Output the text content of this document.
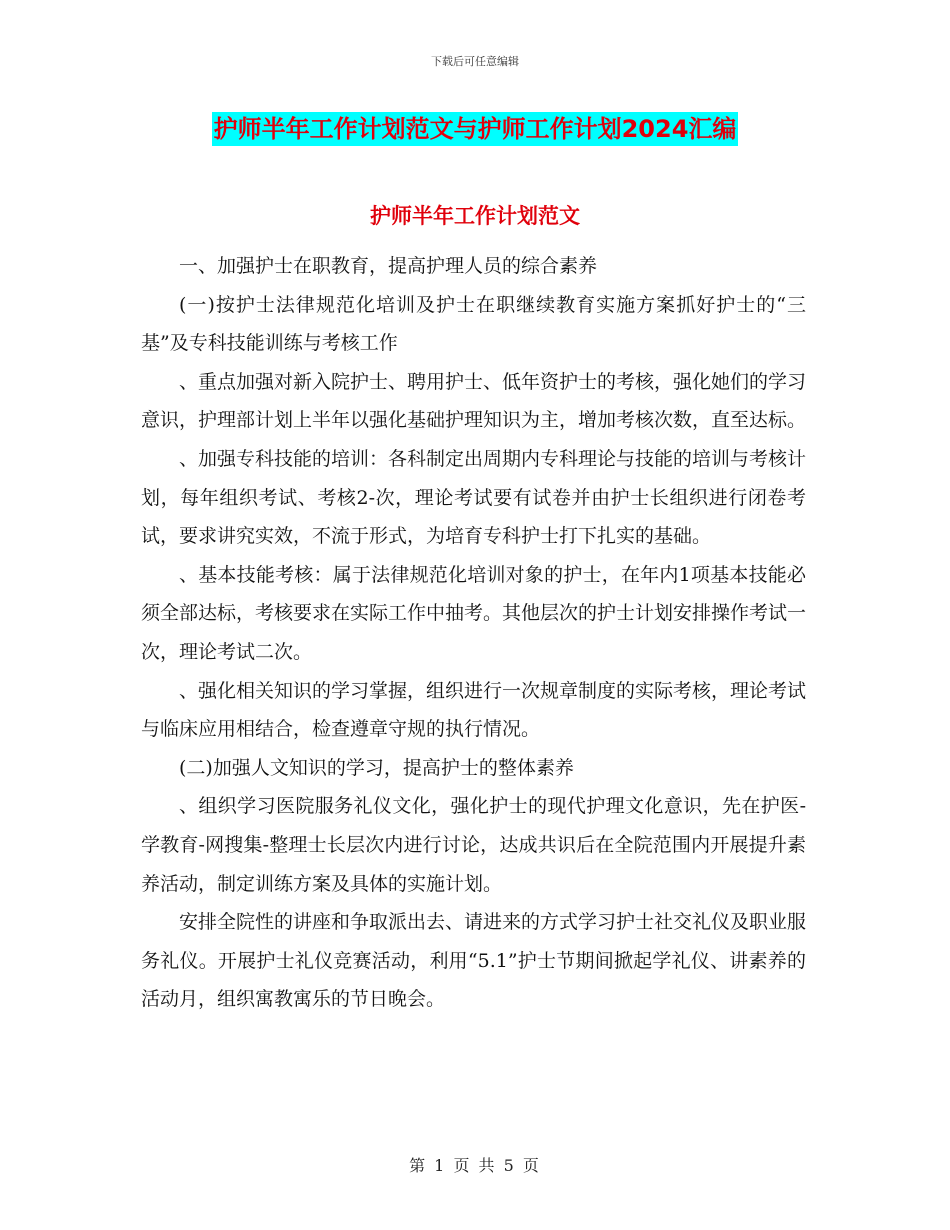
下载后可任意编辑
护师半年工作计划范文与护师工作计划2024汇编
护师半年工作计划范文

一、加强护士在职教育，提高护理人员的综合素养

(一)按护士法律规范化培训及护士在职继续教育实施方案抓好护士的“三基”及专科技能训练与考核工作

、重点加强对新入院护士、聘用护士、低年资护士的考核，强化她们的学习意识，护理部计划上半年以强化基础护理知识为主，增加考核次数，直至达标。

、加强专科技能的培训：各科制定出周期内专科理论与技能的培训与考核计划，每年组织考试、考核2-次，理论考试要有试卷并由护士长组织进行闭卷考试，要求讲究实效，不流于形式，为培育专科护士打下扎实的基础。

、基本技能考核：属于法律规范化培训对象的护士，在年内1项基本技能必须全部达标，考核要求在实际工作中抽考。其他层次的护士计划安排操作考试一次，理论考试二次。

、强化相关知识的学习掌握，组织进行一次规章制度的实际考核，理论考试与临床应用相结合，检查遵章守规的执行情况。

(二)加强人文知识的学习，提高护士的整体素养

、组织学习医院服务礼仪文化，强化护士的现代护理文化意识，先在护医-学教育-网搜集-整理士长层次内进行讨论，达成共识后在全院范围内开展提升素养活动，制定训练方案及具体的实施计划。

安排全院性的讲座和争取派出去、请进来的方式学习护士社交礼仪及职业服务礼仪。开展护士礼仪竞赛活动，利用“5.1”护士节期间掀起学礼仪、讲素养的活动月，组织寓教寓乐的节日晚会。

第 1 页 共 5 页
